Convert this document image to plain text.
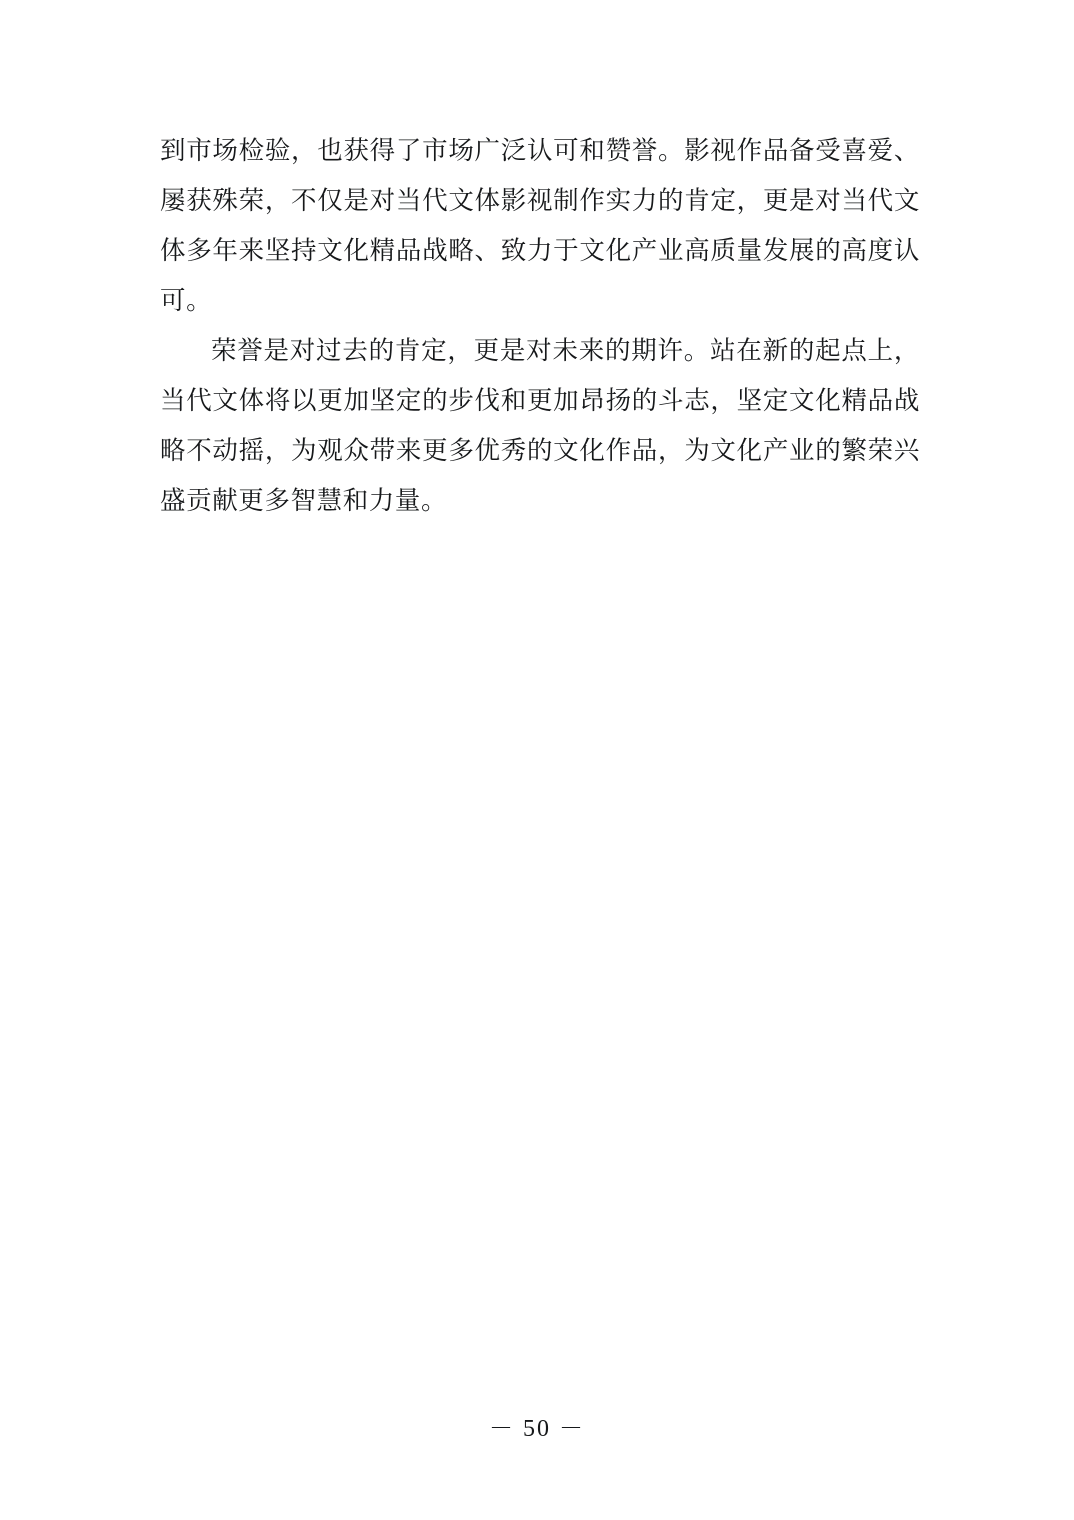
到市场检验，也获得了市场广泛认可和赞誉。影视作品备受喜爱、屡获殊荣，不仅是对当代文体影视制作实力的肯定，更是对当代文体多年来坚持文化精品战略、致力于文化产业高质量发展的高度认可。

荣誉是对过去的肯定，更是对未来的期许。站在新的起点上，当代文体将以更加坚定的步伐和更加昂扬的斗志，坚定文化精品战略不动摇，为观众带来更多优秀的文化作品，为文化产业的繁荣兴盛贡献更多智慧和力量。

－ 50 －
